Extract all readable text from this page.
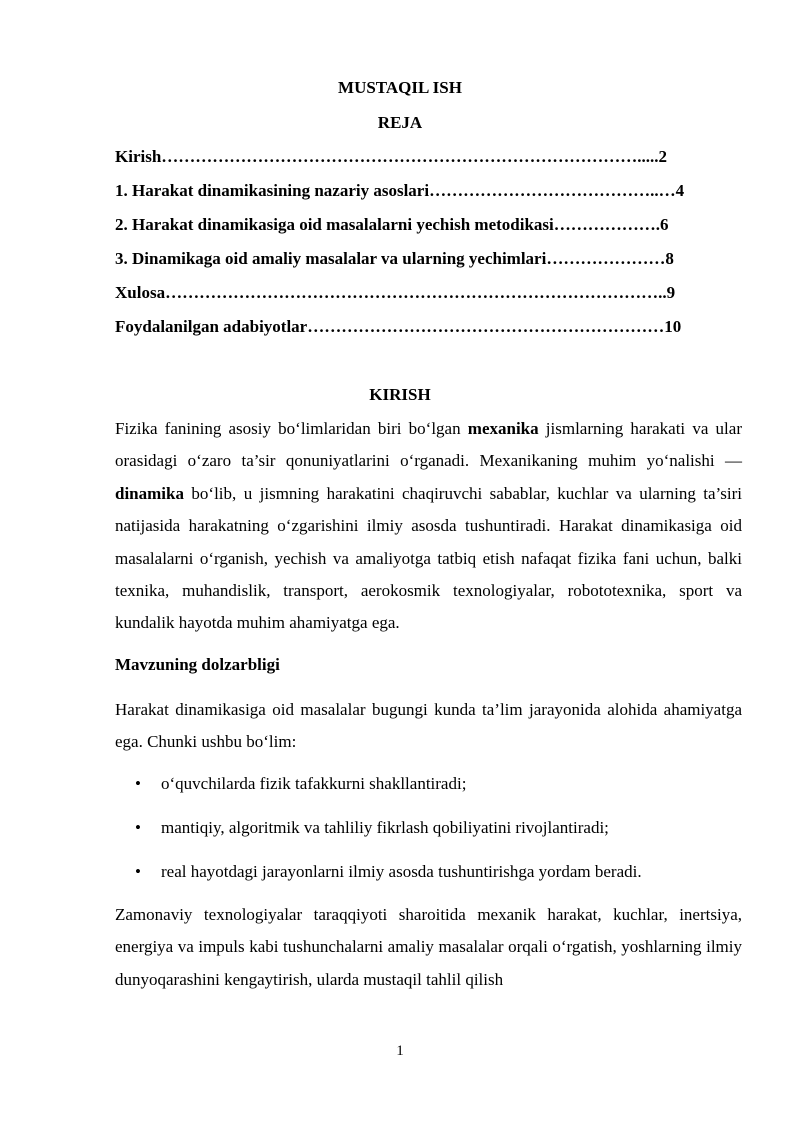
MUSTAQIL ISH
REJA

Kirish………………………………………………………………………….....2

1. Harakat dinamikasining nazariy asoslari…………………………………..…4

2. Harakat dinamikasiga oid masalalarni yechish metodikasi……………….6

3. Dinamikaga oid amaliy masalalar va ularning yechimlari…………………8

Xulosa……………………………………………………………………………..9

Foydalanilgan adabiyotlar………………………………………………………10

KIRISH

Fizika fanining asosiy bo‘limlaridan biri bo‘lgan mexanika jismlarning harakati va ular orasidagi o‘zaro ta’sir qonuniyatlarini o‘rganadi. Mexanikaning muhim yo‘nalishi — dinamika bo‘lib, u jismning harakatini chaqiruvchi sabablar, kuchlar va ularning ta’siri natijasida harakatning o‘zgarishini ilmiy asosda tushuntiradi. Harakat dinamikasiga oid masalalarni o‘rganish, yechish va amaliyotga tatbiq etish nafaqat fizika fani uchun, balki texnika, muhandislik, transport, aerokosmik texnologiyalar, robototexnika, sport va kundalik hayotda muhim ahamiyatga ega.

Mavzuning dolzarbligi

Harakat dinamikasiga oid masalalar bugungi kunda ta’lim jarayonida alohida ahamiyatga ega. Chunki ushbu bo‘lim:

• o‘quvchilarda fizik tafakkurni shakllantiradi;

• mantiqiy, algoritmik va tahliliy fikrlash qobiliyatini rivojlantiradi;

• real hayotdagi jarayonlarni ilmiy asosda tushuntirishga yordam beradi.

Zamonaviy texnologiyalar taraqqiyoti sharoitida mexanik harakat, kuchlar, inertsiya, energiya va impuls kabi tushunchalarni amaliy masalalar orqali o‘rgatish, yoshlarning ilmiy dunyoqarashini kengaytirish, ularda mustaqil tahlil qilish

1
